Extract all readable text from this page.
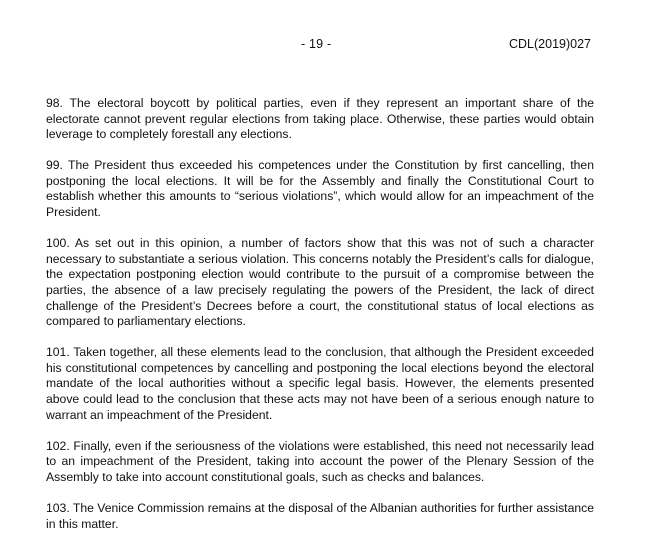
- 19 -	CDL(2019)027

98. The electoral boycott by political parties, even if they represent an important share of the electorate cannot prevent regular elections from taking place. Otherwise, these parties would obtain leverage to completely forestall any elections.

99. The President thus exceeded his competences under the Constitution by first cancelling, then postponing the local elections. It will be for the Assembly and finally the Constitutional Court to establish whether this amounts to “serious violations”, which would allow for an impeachment of the President.

100. As set out in this opinion, a number of factors show that this was not of such a character necessary to substantiate a serious violation. This concerns notably the President’s calls for dialogue, the expectation postponing election would contribute to the pursuit of a compromise between the parties, the absence of a law precisely regulating the powers of the President, the lack of direct challenge of the President’s Decrees before a court, the constitutional status of local elections as compared to parliamentary elections.

101. Taken together, all these elements lead to the conclusion, that although the President exceeded his constitutional competences by cancelling and postponing the local elections beyond the electoral mandate of the local authorities without a specific legal basis. However, the elements presented above could lead to the conclusion that these acts may not have been of a serious enough nature to warrant an impeachment of the President.

102. Finally, even if the seriousness of the violations were established, this need not necessarily lead to an impeachment of the President, taking into account the power of the Plenary Session of the Assembly to take into account constitutional goals, such as checks and balances.

103. The Venice Commission remains at the disposal of the Albanian authorities for further assistance in this matter.
